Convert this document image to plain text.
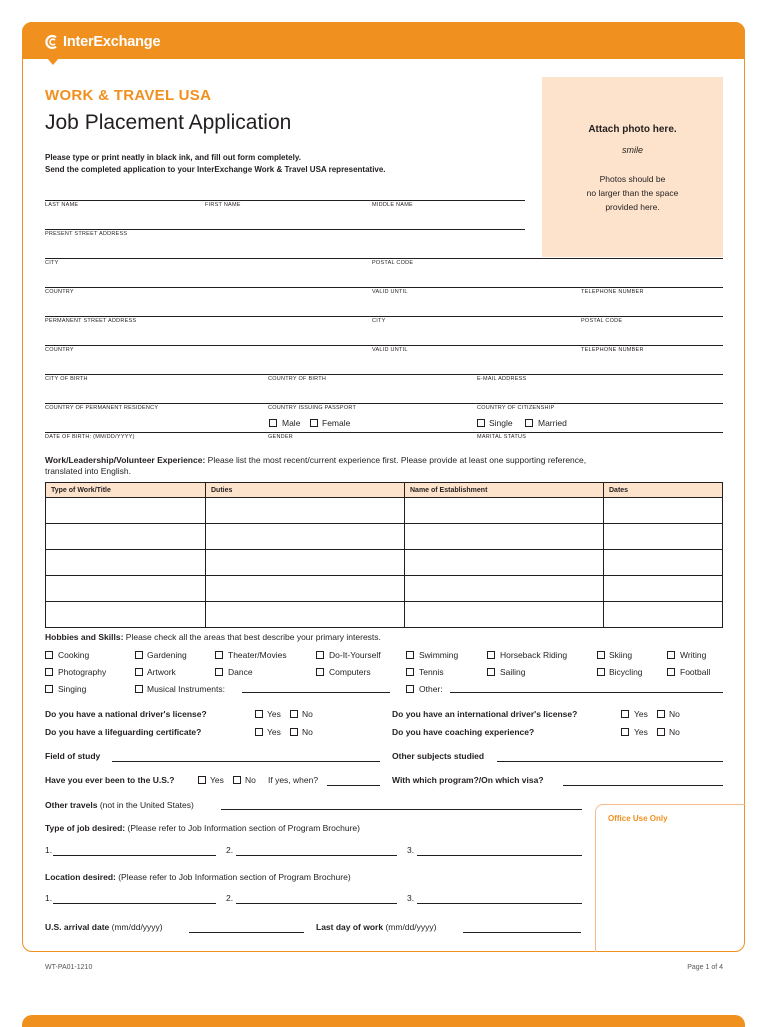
InterExchange
WORK & TRAVEL USA
Job Placement Application
Please type or print neatly in black ink, and fill out form completely.
Send the completed application to your InterExchange Work & Travel USA representative.
Attach photo here.
smile
Photos should be
no larger than the space
provided here.
LAST NAME	FIRST NAME	MIDDLE NAME
PRESENT STREET ADDRESS
CITY	POSTAL CODE
COUNTRY	VALID UNTIL	TELEPHONE NUMBER
PERMANENT STREET ADDRESS	CITY	POSTAL CODE
COUNTRY	VALID UNTIL	TELEPHONE NUMBER
CITY OF BIRTH	COUNTRY OF BIRTH	E-MAIL ADDRESS
COUNTRY OF PERMANENT RESIDENCY	COUNTRY ISSUING PASSPORT	COUNTRY OF CITIZENSHIP
Male	Female	Single	Married
DATE OF BIRTH: (MM/DD/YYYY)	GENDER	MARITAL STATUS
Work/Leadership/Volunteer Experience: Please list the most recent/current experience first. Please provide at least one supporting reference,
translated into English.
Type of Work/Title	Duties	Name of Establishment	Dates

Hobbies and Skills: Please check all the areas that best describe your primary interests.
Cooking	Gardening	Theater/Movies	Do-It-Yourself	Swimming	Horseback Riding	Skiing	Writing
Photography	Artwork	Dance	Computers	Tennis	Sailing	Bicycling	Football
Singing	Musical Instruments:	Other:
Do you have a national driver's license?	Yes No	Do you have an international driver's license?	Yes No
Do you have a lifeguarding certificate?	Yes No	Do you have coaching experience?	Yes No
Field of study	Other subjects studied
Have you ever been to the U.S.?	Yes No If yes, when?	With which program?/On which visa?
Other travels (not in the United States)
Type of job desired: (Please refer to Job Information section of Program Brochure)
1.	2.	3.
Location desired: (Please refer to Job Information section of Program Brochure)
1.	2.	3.
U.S. arrival date (mm/dd/yyyy)	Last day of work (mm/dd/yyyy)
Office Use Only
WT-PA01-1210	Page 1 of 4
